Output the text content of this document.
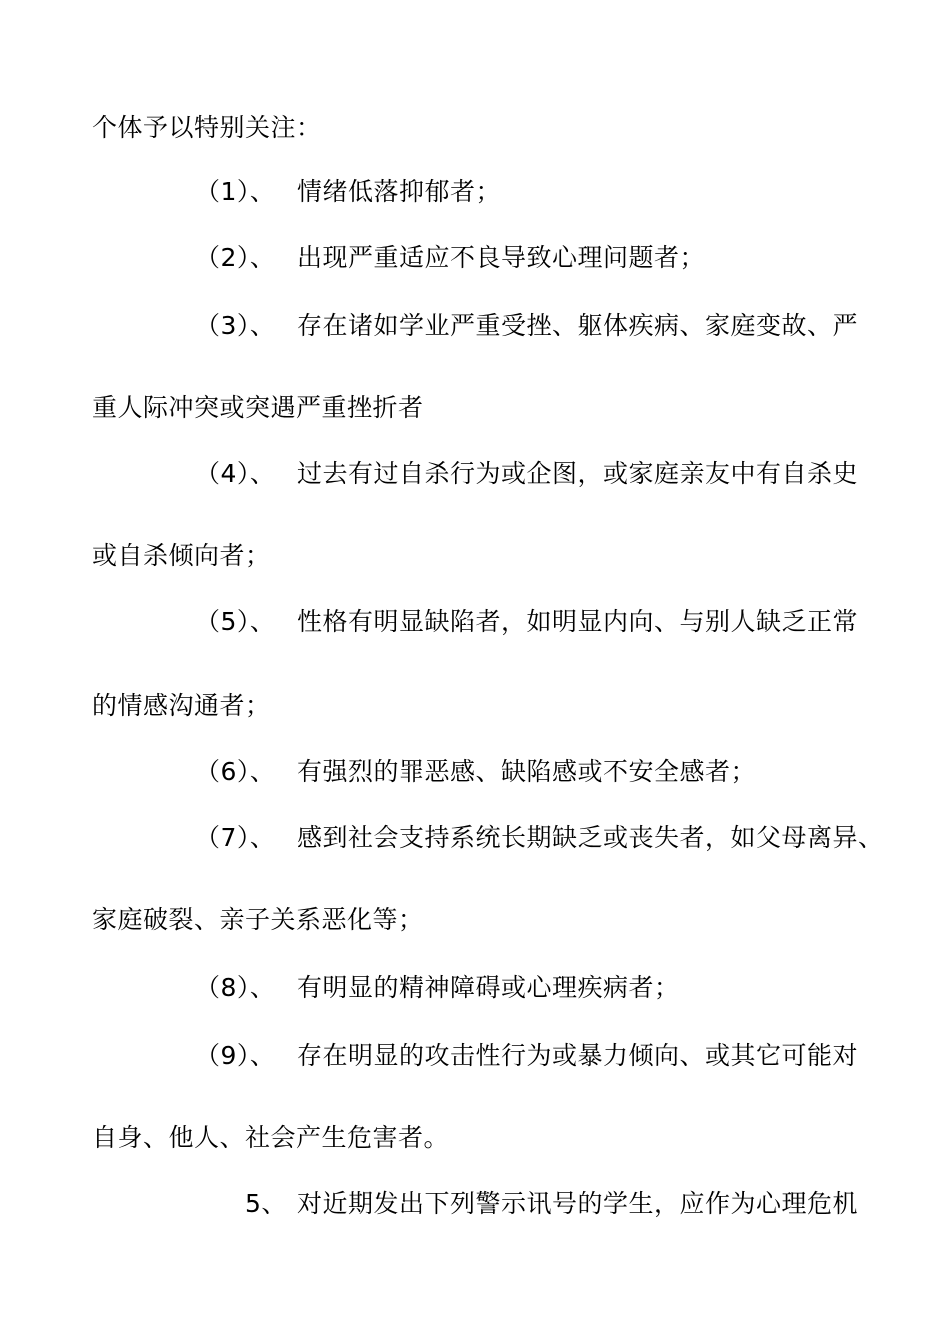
个体予以特别关注：
（1）、 情绪低落抑郁者；
（2）、 出现严重适应不良导致心理问题者；
（3）、 存在诸如学业严重受挫、躯体疾病、家庭变故、严
重人际冲突或突遇严重挫折者
（4）、 过去有过自杀行为或企图，或家庭亲友中有自杀史
或自杀倾向者；
（5）、 性格有明显缺陷者，如明显内向、与别人缺乏正常
的情感沟通者；
（6）、 有强烈的罪恶感、缺陷感或不安全感者；
（7）、 感到社会支持系统长期缺乏或丧失者，如父母离异、
家庭破裂、亲子关系恶化等；
（8）、 有明显的精神障碍或心理疾病者；
（9）、 存在明显的攻击性行为或暴力倾向、或其它可能对
自身、他人、社会产生危害者。
5、 对近期发出下列警示讯号的学生，应作为心理危机
